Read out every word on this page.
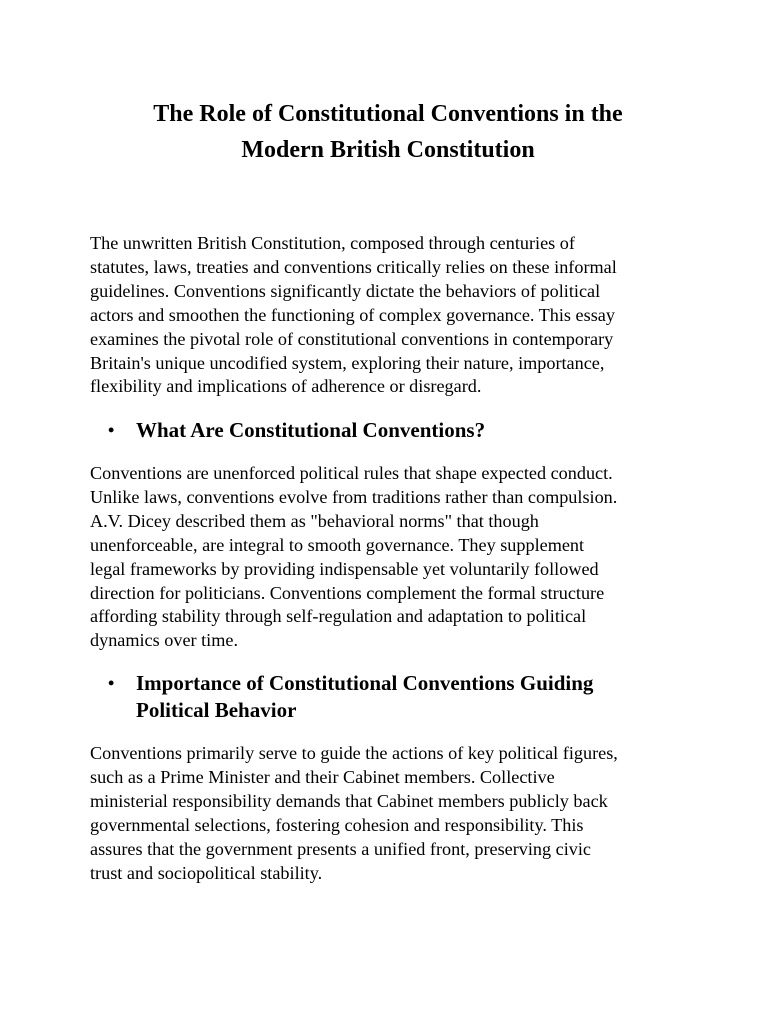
The Role of Constitutional Conventions in the
Modern British Constitution

The unwritten British Constitution, composed through centuries of
statutes, laws, treaties and conventions critically relies on these informal
guidelines. Conventions significantly dictate the behaviors of political
actors and smoothen the functioning of complex governance. This essay
examines the pivotal role of constitutional conventions in contemporary
Britain's unique uncodified system, exploring their nature, importance,
flexibility and implications of adherence or disregard.

• What Are Constitutional Conventions?

Conventions are unenforced political rules that shape expected conduct.
Unlike laws, conventions evolve from traditions rather than compulsion.
A.V. Dicey described them as "behavioral norms" that though
unenforceable, are integral to smooth governance. They supplement
legal frameworks by providing indispensable yet voluntarily followed
direction for politicians. Conventions complement the formal structure
affording stability through self-regulation and adaptation to political
dynamics over time.

• Importance of Constitutional Conventions Guiding
Political Behavior

Conventions primarily serve to guide the actions of key political figures,
such as a Prime Minister and their Cabinet members. Collective
ministerial responsibility demands that Cabinet members publicly back
governmental selections, fostering cohesion and responsibility. This
assures that the government presents a unified front, preserving civic
trust and sociopolitical stability.
